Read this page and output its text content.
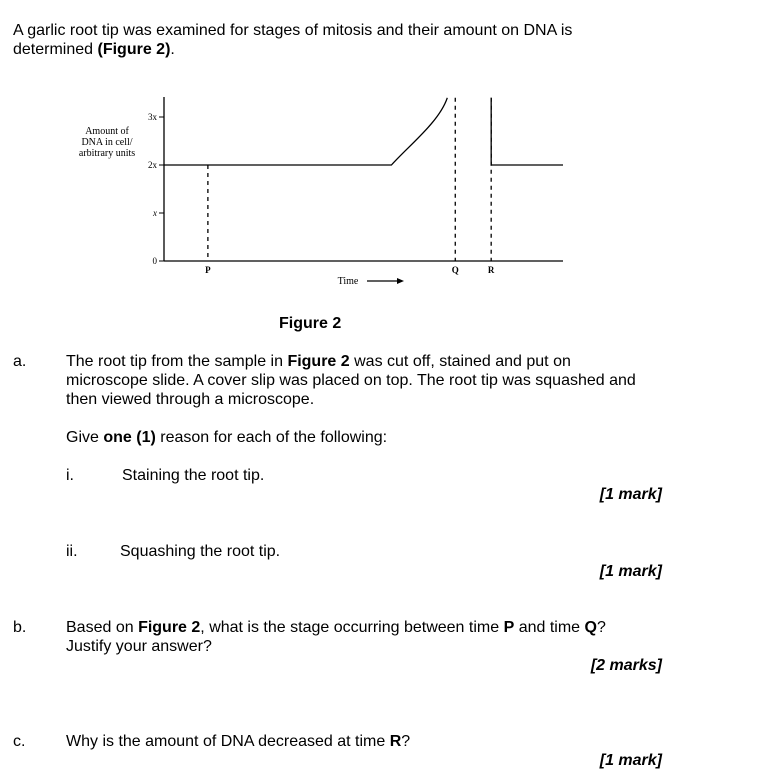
A garlic root tip was examined for stages of mitosis and their amount on DNA is
determined (Figure 2).
0
x
2x
3x
Amount of
DNA in cell/
arbitrary units
P	Q	R
Time
Figure 2
a. The root tip from the sample in Figure 2 was cut off, stained and put on
microscope slide. A cover slip was placed on top. The root tip was squashed and
then viewed through a microscope.
Give one (1) reason for each of the following:
i.	Staining the root tip.
[1 mark]
ii.	Squashing the root tip.
[1 mark]
b. Based on Figure 2, what is the stage occurring between time P and time Q?
Justify your answer?
[2 marks]
c.	Why is the amount of DNA decreased at time R?
[1 mark]
